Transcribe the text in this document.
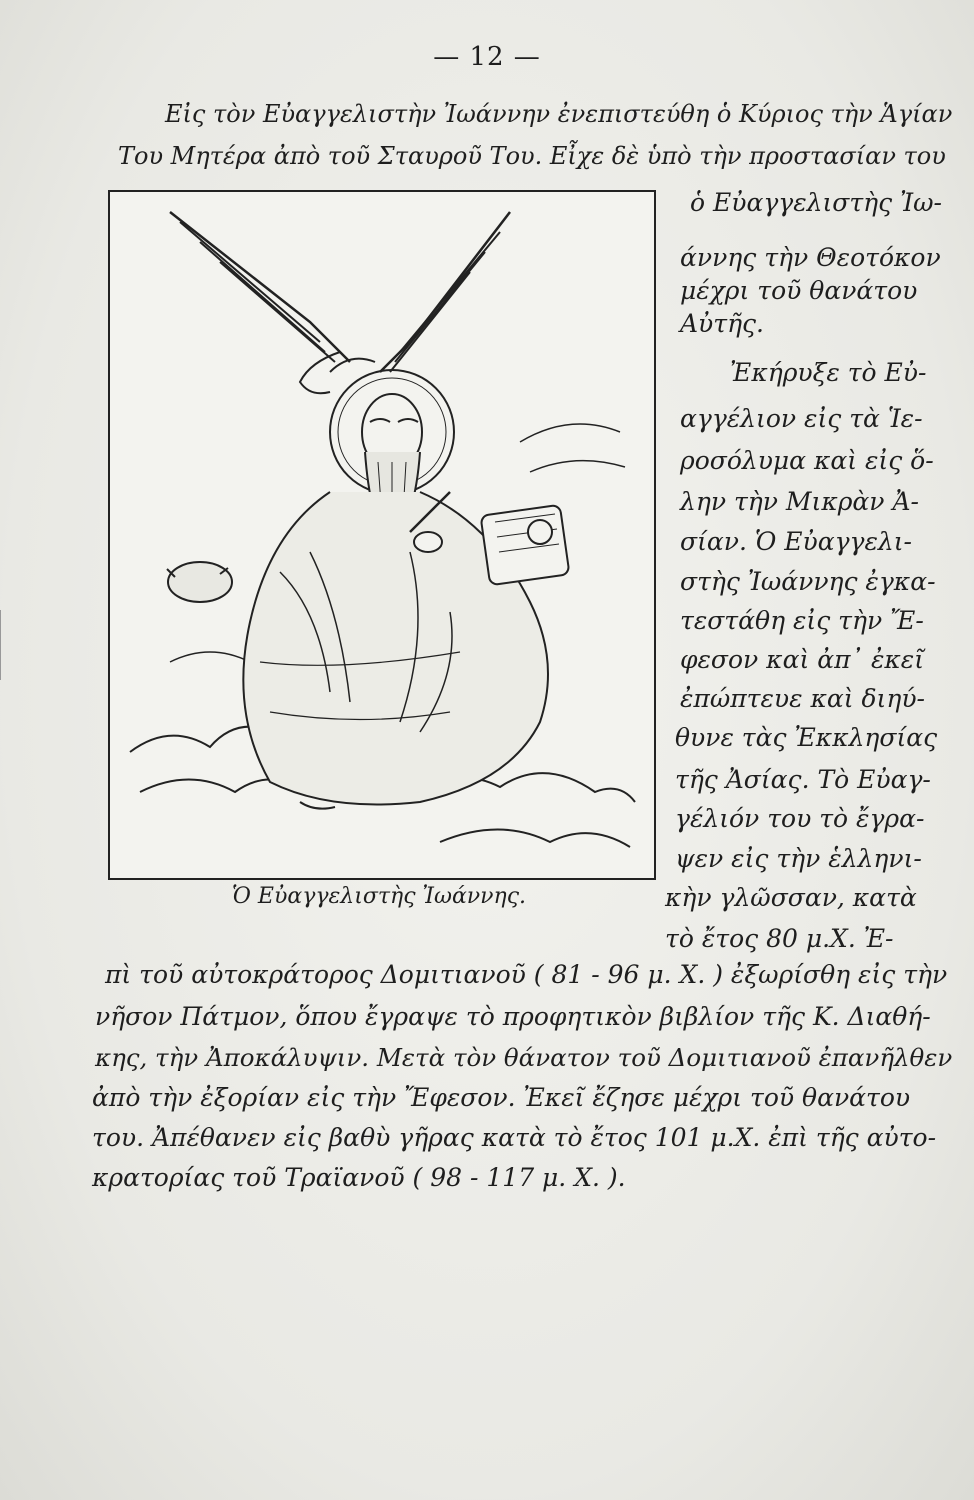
— 12 —
Εἰς τὸν Εὐαγγελιστὴν Ἰωάννην ἐνεπιστεύθη ὁ Κύριος τὴν Ἁγίαν
Του Μητέρα ἀπὸ τοῦ Σταυροῦ Του. Εἶχε δὲ ὑπὸ τὴν προστασίαν του
ὁ Εὐαγγελιστὴς Ἰω-
άννης τὴν Θεοτόκον
μέχρι τοῦ θανάτου
Αὐτῆς.
Ἐκήρυξε τὸ Εὐ-
αγγέλιον εἰς τὰ Ἱε-
ροσόλυμα καὶ εἰς ὅ-
λην τὴν Μικρὰν Ἀ-
σίαν. Ὁ Εὐαγγελι-
στὴς Ἰωάννης ἐγκα-
τεστάθη εἰς τὴν Ἔ-
φεσον καὶ ἀπ᾿ ἐκεῖ
ἐπώπτευε καὶ διηύ-
θυνε τὰς Ἐκκλησίας
τῆς Ἀσίας. Τὸ Εὐαγ-
γέλιόν του τὸ ἔγρα-
ψεν εἰς τὴν ἑλληνι-
κὴν γλῶσσαν, κατὰ
τὸ ἔτος 80 μ.Χ. Ἐ-
Ὁ Εὐαγγελιστὴς Ἰωάννης.
πὶ τοῦ αὐτοκράτορος Δομιτιανοῦ ( 81 - 96 μ. Χ. ) ἐξωρίσθη εἰς τὴν
νῆσον Πάτμον, ὅπου ἔγραψε τὸ προφητικὸν βιβλίον τῆς Κ. Διαθή-
κης, τὴν Ἀποκάλυψιν. Μετὰ τὸν θάνατον τοῦ Δομιτιανοῦ ἐπανῆλθεν
ἀπὸ τὴν ἐξορίαν εἰς τὴν Ἔφεσον. Ἐκεῖ ἔζησε μέχρι τοῦ θανάτου
του. Ἀπέθανεν εἰς βαθὺ γῆρας κατὰ τὸ ἔτος 101 μ.Χ. ἐπὶ τῆς αὐτο-
κρατορίας τοῦ Τραϊανοῦ ( 98 - 117 μ. Χ. ).
